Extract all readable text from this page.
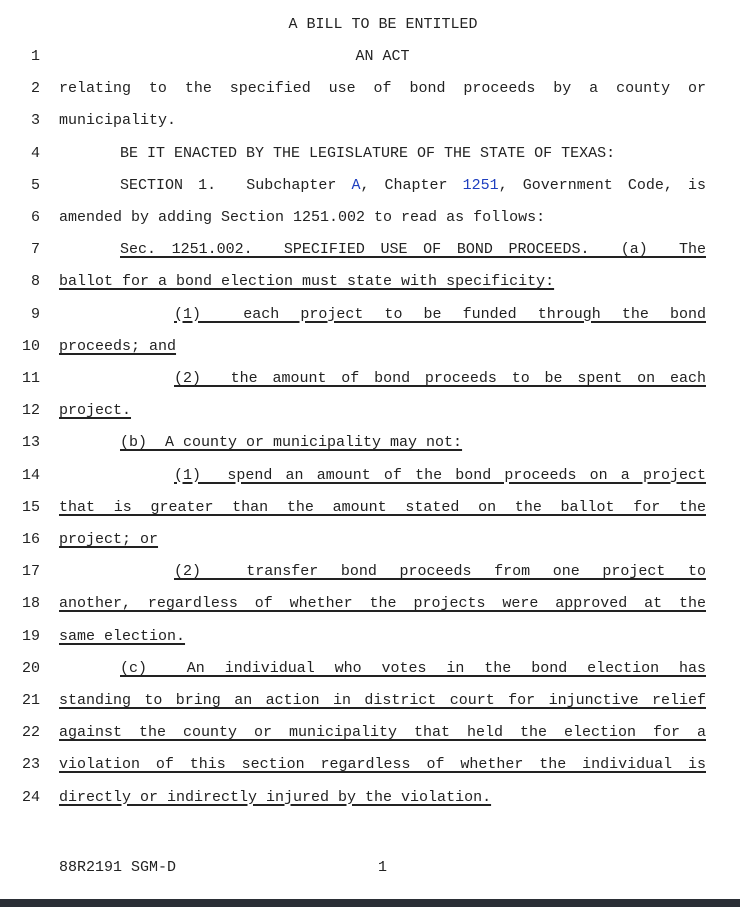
A BILL TO BE ENTITLED
1	AN ACT
2 relating to the specified use of bond proceeds by a county or
3 municipality.
4	BE IT ENACTED BY THE LEGISLATURE OF THE STATE OF TEXAS:
5	SECTION 1.  Subchapter A, Chapter 1251, Government Code, is
6 amended by adding Section 1251.002 to read as follows:
7	Sec. 1251.002.  SPECIFIED USE OF BOND PROCEEDS.  (a)  The
8 ballot for a bond election must state with specificity:
9	(1)  each project to be funded through the bond
10 proceeds; and
11	(2)  the amount of bond proceeds to be spent on each
12 project.
13	(b)  A county or municipality may not:
14	(1)  spend an amount of the bond proceeds on a project
15 that is greater than the amount stated on the ballot for the
16 project; or
17	(2)  transfer bond proceeds from one project to
18 another, regardless of whether the projects were approved at the
19 same election.
20	(c)  An individual who votes in the bond election has
21 standing to bring an action in district court for injunctive relief
22 against the county or municipality that held the election for a
23 violation of this section regardless of whether the individual is
24 directly or indirectly injured by the violation.
88R2191 SGM-D	1
